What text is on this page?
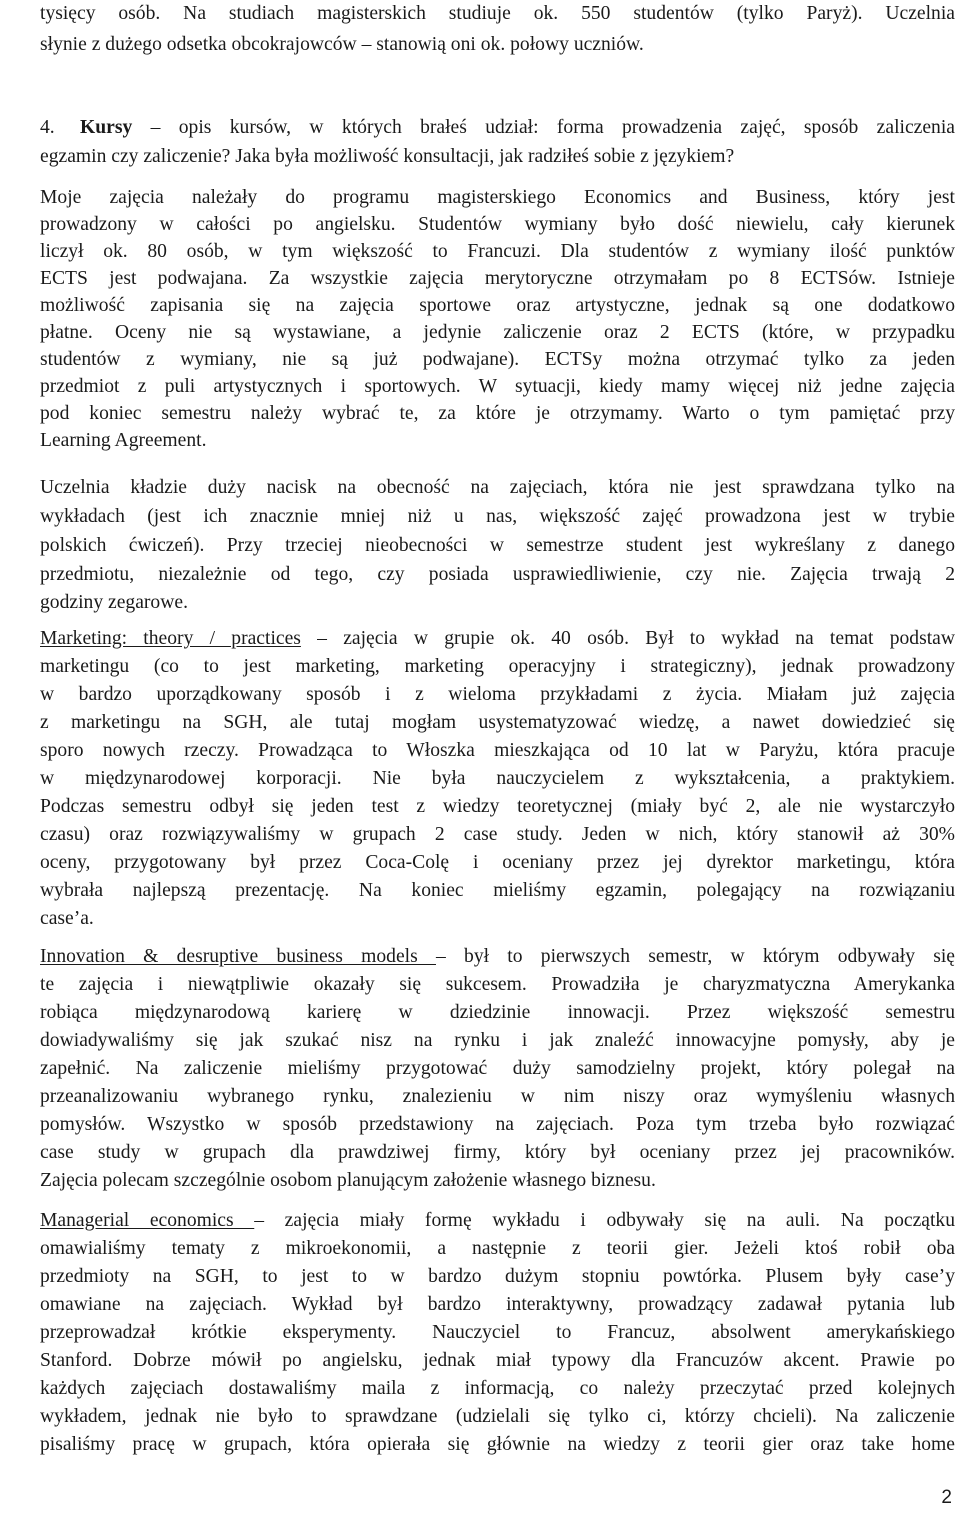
tysięcy osób. Na studiach magisterskich studiuje ok. 550 studentów (tylko Paryż). Uczelnia
słynie z dużego odsetka obcokrajowców – stanowią oni ok. połowy uczniów.
4. Kursy – opis kursów, w których brałeś udział: forma prowadzenia zajęć, sposób zaliczenia
egzamin czy zaliczenie? Jaka była możliwość konsultacji, jak radziłeś sobie z językiem?
Moje zajęcia należały do programu magisterskiego Economics and Business, który jest
prowadzony w całości po angielsku. Studentów wymiany było dość niewielu, cały kierunek
liczył ok. 80 osób, w tym większość to Francuzi. Dla studentów z wymiany ilość punktów
ECTS jest podwajana. Za wszystkie zajęcia merytoryczne otrzymałam po 8 ECTSów. Istnieje
możliwość zapisania się na zajęcia sportowe oraz artystyczne, jednak są one dodatkowo
płatne. Oceny nie są wystawiane, a jedynie zaliczenie oraz 2 ECTS (które, w przypadku
studentów z wymiany, nie są już podwajane). ECTSy można otrzymać tylko za jeden
przedmiot z puli artystycznych i sportowych. W sytuacji, kiedy mamy więcej niż jedne zajęcia
pod koniec semestru należy wybrać te, za które je otrzymamy. Warto o tym pamiętać przy
Learning Agreement.
Uczelnia kładzie duży nacisk na obecność na zajęciach, która nie jest sprawdzana tylko na
wykładach (jest ich znacznie mniej niż u nas, większość zajęć prowadzona jest w trybie
polskich ćwiczeń). Przy trzeciej nieobecności w semestrze student jest wykreślany z danego
przedmiotu, niezależnie od tego, czy posiada usprawiedliwienie, czy nie. Zajęcia trwają 2
godziny zegarowe.
Marketing: theory / practices – zajęcia w grupie ok. 40 osób. Był to wykład na temat podstaw
marketingu (co to jest marketing, marketing operacyjny i strategiczny), jednak prowadzony
w bardzo uporządkowany sposób i z wieloma przykładami z życia. Miałam już zajęcia
z marketingu na SGH, ale tutaj mogłam usystematyzować wiedzę, a nawet dowiedzieć się
sporo nowych rzeczy. Prowadząca to Włoszka mieszkająca od 10 lat w Paryżu, która pracuje
w międzynarodowej korporacji. Nie była nauczycielem z wykształcenia, a praktykiem.
Podczas semestru odbył się jeden test z wiedzy teoretycznej (miały być 2, ale nie wystarczyło
czasu) oraz rozwiązywaliśmy w grupach 2 case study. Jeden w nich, który stanowił aż 30%
oceny, przygotowany był przez Coca-Colę i oceniany przez jej dyrektor marketingu, która
wybrała najlepszą prezentację. Na koniec mieliśmy egzamin, polegający na rozwiązaniu
case’a.
Innovation & desruptive business models – był to pierwszych semestr, w którym odbywały się
te zajęcia i niewątpliwie okazały się sukcesem. Prowadziła je charyzmatyczna Amerykanka
robiąca międzynarodową karierę w dziedzinie innowacji. Przez większość semestru
dowiadywaliśmy się jak szukać nisz na rynku i jak znaleźć innowacyjne pomysły, aby je
zapełnić. Na zaliczenie mieliśmy przygotować duży samodzielny projekt, który polegał na
przeanalizowaniu wybranego rynku, znalezieniu w nim niszy oraz wymyśleniu własnych
pomysłów. Wszystko w sposób przedstawiony na zajęciach. Poza tym trzeba było rozwiązać
case study w grupach dla prawdziwej firmy, który był oceniany przez jej pracowników.
Zajęcia polecam szczególnie osobom planującym założenie własnego biznesu.
Managerial economics – zajęcia miały formę wykładu i odbywały się na auli. Na początku
omawialiśmy tematy z mikroekonomii, a następnie z teorii gier. Jeżeli ktoś robił oba
przedmioty na SGH, to jest to w bardzo dużym stopniu powtórka. Plusem były case’y
omawiane na zajęciach. Wykład był bardzo interaktywny, prowadzący zadawał pytania lub
przeprowadzał krótkie eksperymenty. Nauczyciel to Francuz, absolwent amerykańskiego
Stanford. Dobrze mówił po angielsku, jednak miał typowy dla Francuzów akcent. Prawie po
każdych zajęciach dostawaliśmy maila z informacją, co należy przeczytać przed kolejnych
wykładem, jednak nie było to sprawdzane (udzielali się tylko ci, którzy chcieli). Na zaliczenie
pisaliśmy pracę w grupach, która opierała się głównie na wiedzy z teorii gier oraz take home
2
